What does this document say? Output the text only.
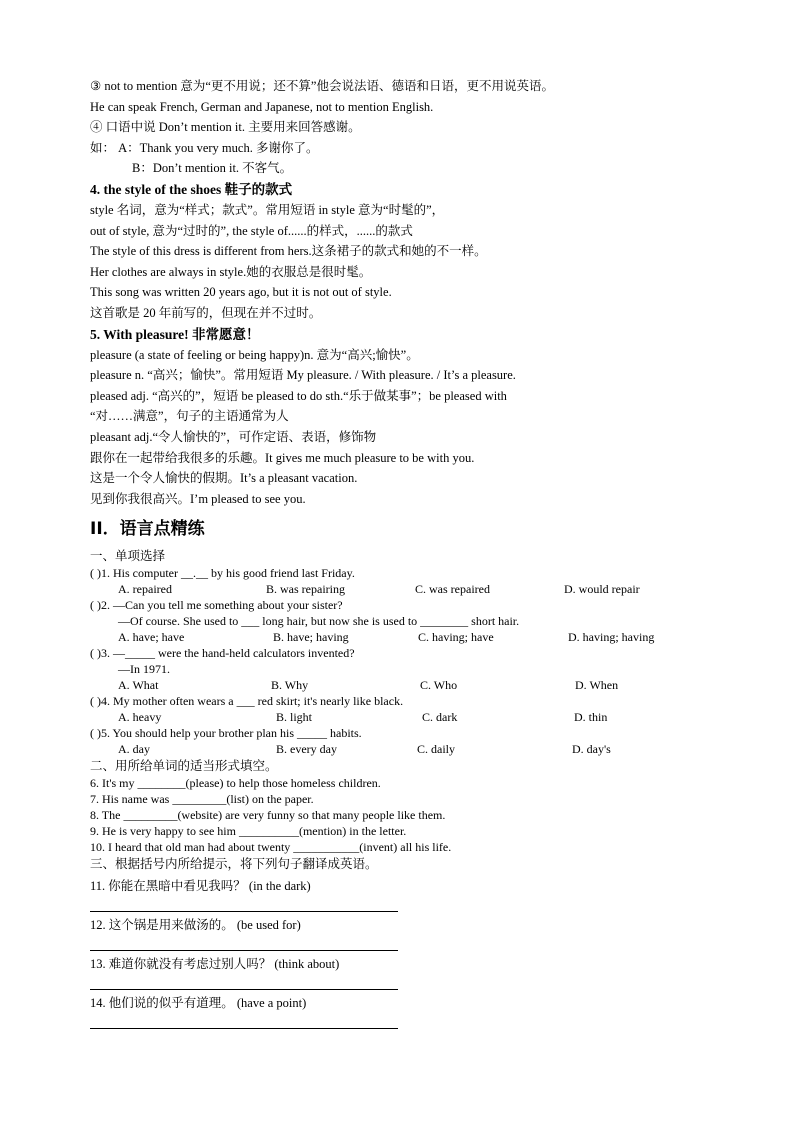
③ not to mention 意为“更不用说；还不算”他会说法语、德语和日语，更不用说英语。
He can speak French, German and Japanese, not to mention English.
④ 口语中说 Don’t mention it. 主要用来回答感谢。
如： A：Thank you very much. 多谢你了。
B：Don’t mention it. 不客气。
4. the style of the shoes 鞋子的款式
style 名词，意为“样式；款式”。常用短语 in style 意为“时髦的”，
out of style, 意为“过时的”, the style of......的样式，......的款式
The style of this dress is different from hers.这条裙子的款式和她的不一样。
Her clothes are always in style.她的衣服总是很时髦。
This song was written 20 years ago, but it is not out of style.
这首歌是 20 年前写的，但现在并不过时。
5. With pleasure! 非常愿意！
pleasure (a state of feeling or being happy)n. 意为“高兴;愉快”。
pleasure n. “高兴；愉快”。常用短语 My pleasure. / With pleasure. / It’s a pleasure.
pleased adj. “高兴的”，短语 be pleased to do sth.“乐于做某事”；be pleased with
“对……满意”，句子的主语通常为人
pleasant adj.“令人愉快的”，可作定语、表语，修饰物
跟你在一起带给我很多的乐趣。It gives me much pleasure to be with you.
这是一个令人愉快的假期。It’s a pleasant vacation.
见到你我很高兴。I’m pleased to see you.
II．语言点精练
一、单项选择
( )1. His computer __.__ by his good friend last Friday.
A. repaired	B. was repairing	C. was repaired	D. would repair
( )2. —Can you tell me something about your sister?
—Of course. She used to ___ long hair, but now she is used to ________ short hair.
A. have; have	B. have; having	C. having; have	D. having; having
( )3. —_____ were the hand-held calculators invented?
—In 1971.
A. What	B. Why	C. Who	D. When
( )4. My mother often wears a ___ red skirt; it's nearly like black.
A. heavy	B. light	C. dark	D. thin
( )5. You should help your brother plan his _____ habits.
A. day	B. every day	C. daily	D. day's
二、用所给单词的适当形式填空。
6. It's my ________(please) to help those homeless children.
7. His name was _________(list) on the paper.
8. The _________(website) are very funny so that many people like them.
9. He is very happy to see him __________(mention) in the letter.
10. I heard that old man had about twenty ___________(invent) all his life.
三、根据括号内所给提示，将下列句子翻译成英语。
11. 你能在黑暗中看见我吗？ (in the dark)
12. 这个锅是用来做汤的。 (be used for)
13. 难道你就没有考虑过别人吗？ (think about)
14. 他们说的似乎有道理。 (have a point)
